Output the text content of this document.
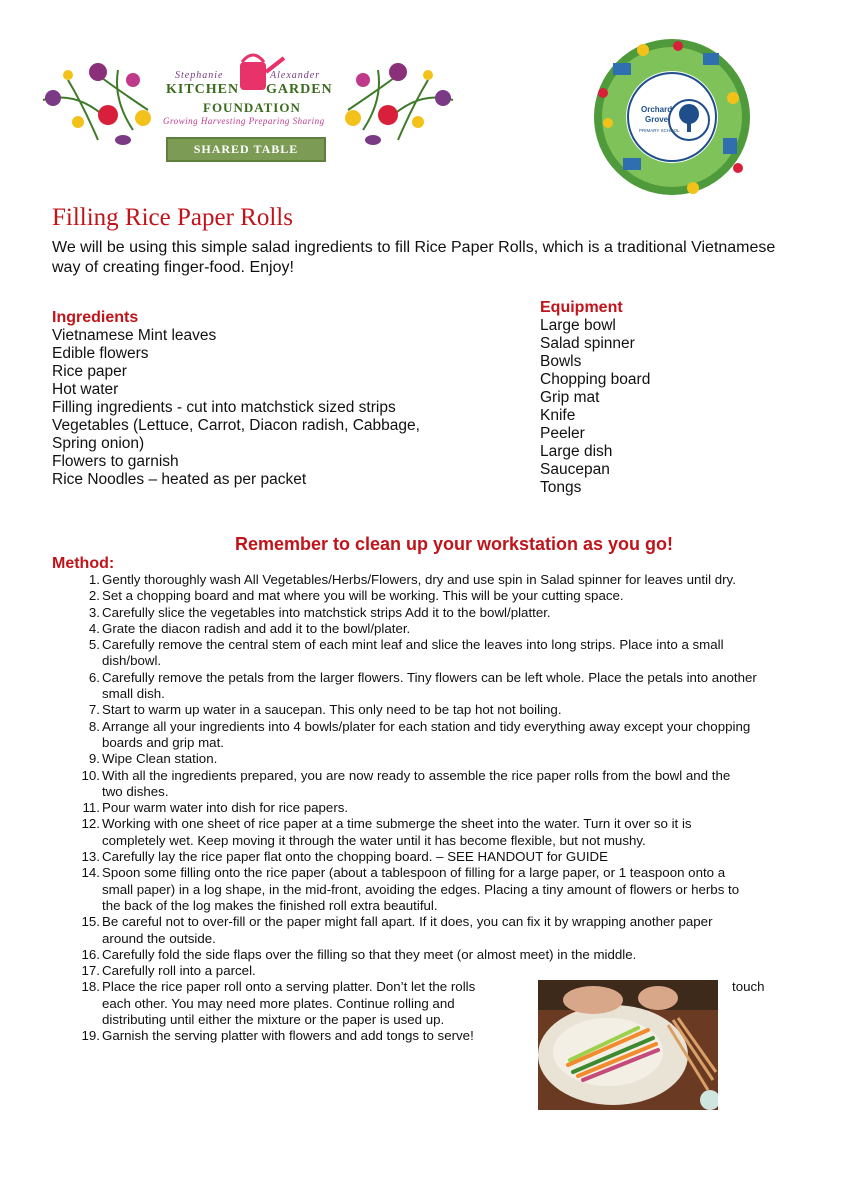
Stephanie	Alexander
KITCHEN GARDEN
FOUNDATION
Growing Harvesting Preparing Sharing
SHARED TABLE
Orchard
Grove
PRIMARY SCHOOL
Filling Rice Paper Rolls
We will be using this simple salad ingredients to fill Rice Paper Rolls, which is a traditional Vietnamese way of creating finger-food. Enjoy!
Ingredients
Vietnamese Mint leaves
Edible flowers
Rice paper
Hot water
Filling ingredients - cut into matchstick sized strips
Vegetables (Lettuce, Carrot, Diacon radish, Cabbage,
Spring onion)
Flowers to garnish
Rice Noodles – heated as per packet
Equipment
Large bowl
Salad spinner
Bowls
Chopping board
Grip mat
Knife
Peeler
Large dish
Saucepan
Tongs
Remember to clean up your workstation as you go!
Method:
1. Gently thoroughly wash All Vegetables/Herbs/Flowers, dry and use spin in Salad spinner for leaves until dry.
2. Set a chopping board and mat where you will be working. This will be your cutting space.
3. Carefully slice the vegetables into matchstick strips Add it to the bowl/platter.
4. Grate the diacon radish and add it to the bowl/plater.
5. Carefully remove the central stem of each mint leaf and slice the leaves into long strips. Place into a small
dish/bowl.
6. Carefully remove the petals from the larger flowers. Tiny flowers can be left whole. Place the petals into another
small dish.
7. Start to warm up water in a saucepan. This only need to be tap hot not boiling.
8. Arrange all your ingredients into 4 bowls/plater for each station and tidy everything away except your chopping
boards and grip mat.
9. Wipe Clean station.
10. With all the ingredients prepared, you are now ready to assemble the rice paper rolls from the bowl and the
two dishes.
11. Pour warm water into dish for rice papers.
12. Working with one sheet of rice paper at a time submerge the sheet into the water. Turn it over so it is
completely wet. Keep moving it through the water until it has become flexible, but not mushy.
13. Carefully lay the rice paper flat onto the chopping board. – SEE HANDOUT for GUIDE
14. Spoon some filling onto the rice paper (about a tablespoon of filling for a large paper, or 1 teaspoon onto a
small paper) in a log shape, in the mid-front, avoiding the edges. Placing a tiny amount of flowers or herbs to
the back of the log makes the finished roll extra beautiful.
15. Be careful not to over-fill or the paper might fall apart. If it does, you can fix it by wrapping another paper
around the outside.
16. Carefully fold the side flaps over the filling so that they meet (or almost meet) in the middle.
17. Carefully roll into a parcel.
18. Place the rice paper roll onto a serving platter. Don’t let the rolls	touch
each other. You may need more plates. Continue rolling and
distributing until either the mixture or the paper is used up.
19. Garnish the serving platter with flowers and add tongs to serve!
